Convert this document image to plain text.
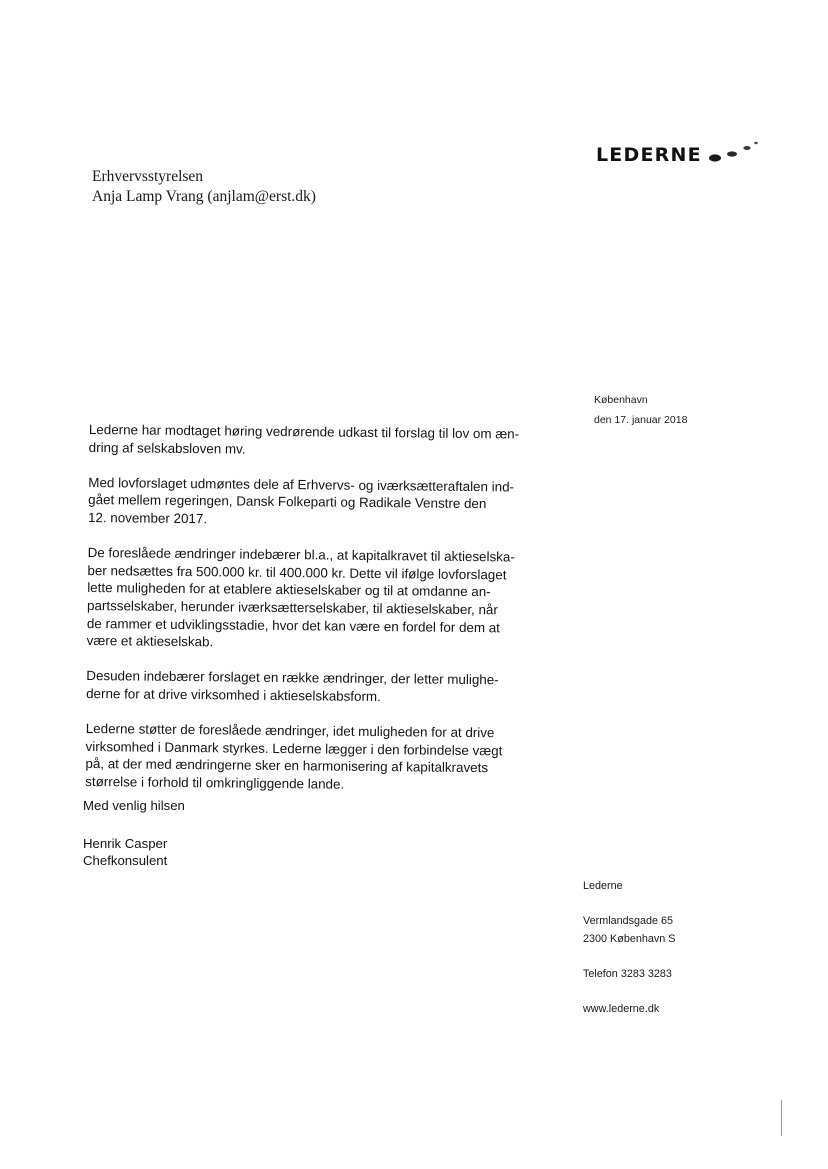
LEDERNE
Erhvervsstyrelsen
Anja Lamp Vrang (anjlam@erst.dk)
København
den 17. januar 2018
Lederne har modtaget høring vedrørende udkast til forslag til lov om æn-
dring af selskabsloven mv.
Med lovforslaget udmøntes dele af Erhvervs- og iværksætteraftalen ind-
gået mellem regeringen, Dansk Folkeparti og Radikale Venstre den
12. november 2017.
De foreslåede ændringer indebærer bl.a., at kapitalkravet til aktieselska-
ber nedsættes fra 500.000 kr. til 400.000 kr. Dette vil ifølge lovforslaget
lette muligheden for at etablere aktieselskaber og til at omdanne an-
partsselskaber, herunder iværksætterselskaber, til aktieselskaber, når
de rammer et udviklingsstadie, hvor det kan være en fordel for dem at
være et aktieselskab.
Desuden indebærer forslaget en række ændringer, der letter mulighe-
derne for at drive virksomhed i aktieselskabsform.
Lederne støtter de foreslåede ændringer, idet muligheden for at drive
virksomhed i Danmark styrkes. Lederne lægger i den forbindelse vægt
på, at der med ændringerne sker en harmonisering af kapitalkravets
størrelse i forhold til omkringliggende lande.
Med venlig hilsen
Henrik Casper
Chefkonsulent
Lederne
Vermlandsgade 65
2300 København S
Telefon 3283 3283
www.lederne.dk
